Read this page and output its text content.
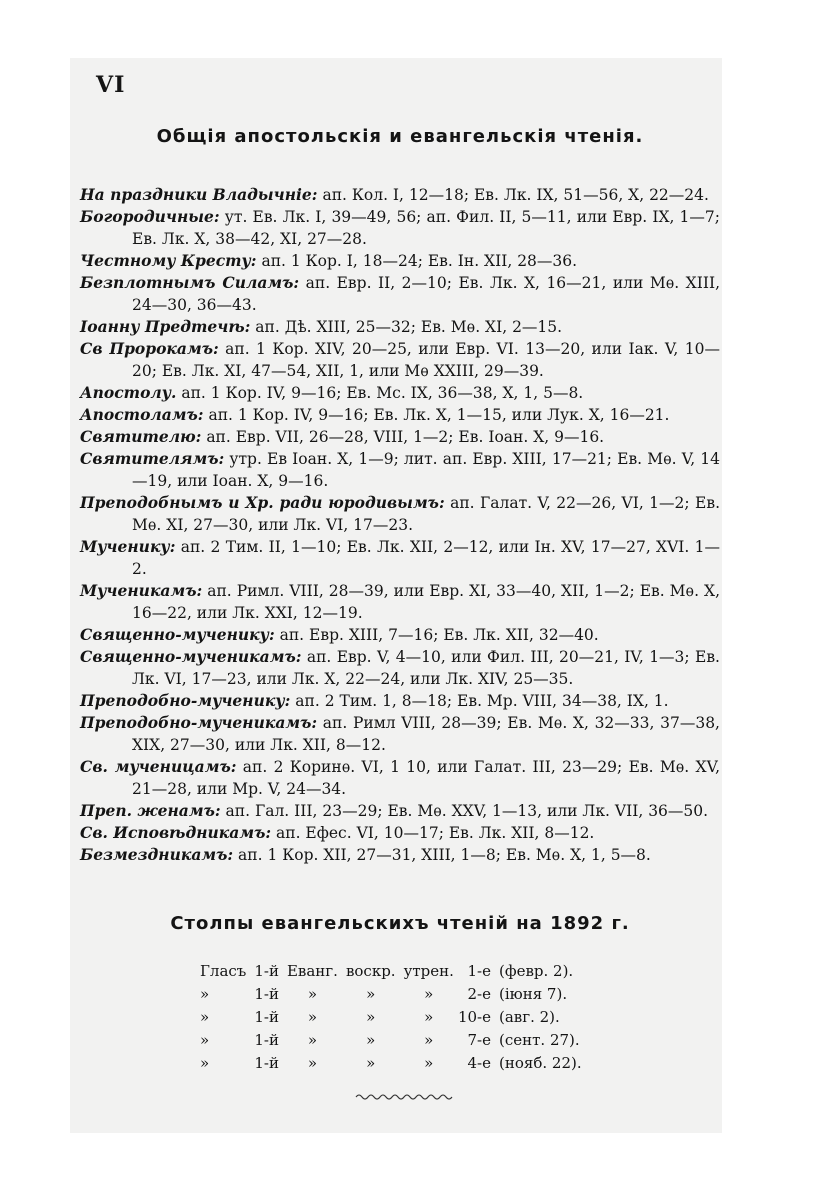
VI
Общія апостольскія и евангельскія чтенія.

На праздники Владычніе: ап. Кол. I, 12—18; Ев. Лк. IX, 51—56, X, 22—24.

Богородичные: ут. Ев. Лк. I, 39—49, 56; ап. Фил. II, 5—11, или Евр. IX, 1—7; Ев. Лк. X, 38—42, XI, 27—28.

Честному Кресту: ап. 1 Кор. I, 18—24; Ев. Ін. XII, 28—36.

Безплотнымъ Силамъ: ап. Евр. II, 2—10; Ев. Лк. X, 16—21, или Мѳ. XIII, 24—30, 36—43.

Іоанну Предтечѣ: ап. Дѣ. XIII, 25—32; Ев. Мѳ. XI, 2—15.

Св Пророкамъ: ап. 1 Кор. XIV, 20—25, или Евр. VI. 13—20, или Іак. V, 10—20; Ев. Лк. XI, 47—54, XII, 1, или Мѳ XXIII, 29—39.

Апостолу. ап. 1 Кор. IV, 9—16; Ев. Мс. IX, 36—38, X, 1, 5—8.

Апостоламъ: ап. 1 Кор. IV, 9—16; Ев. Лк. X, 1—15, или Лук. X, 16—21.

Святителю: ап. Евр. VII, 26—28, VIII, 1—2; Ев. Іоан. X, 9—16.

Святителямъ: утр. Ев Іоан. X, 1—9; лит. ап. Евр. XIII, 17—21; Ев. Мѳ. V, 14—19, или Іоан. X, 9—16.

Преподобнымъ и Хр. ради юродивымъ: ап. Галат. V, 22—26, VI, 1—2; Ев. Мѳ. XI, 27—30, или Лк. VI, 17—23.

Мученику: ап. 2 Тим. II, 1—10; Ев. Лк. XII, 2—12, или Ін. XV, 17—27, XVI. 1—2.

Мученикамъ: ап. Римл. VIII, 28—39, или Евр. XI, 33—40, XII, 1—2; Ев. Мѳ. X, 16—22, или Лк. XXI, 12—19.

Священно-мученику: ап. Евр. XIII, 7—16; Ев. Лк. XII, 32—40.

Священно-мученикамъ: ап. Евр. V, 4—10, или Фил. III, 20—21, IV, 1—3; Ев. Лк. VI, 17—23, или Лк. X, 22—24, или Лк. XIV, 25—35.

Преподобно-мученику: ап. 2 Тим. 1, 8—18; Ев. Мр. VIII, 34—38, IX, 1.

Преподобно-мученикамъ: ап. Римл VIII, 28—39; Ев. Мѳ. X, 32—33, 37—38, XIX, 27—30, или Лк. XII, 8—12.

Св. мученицамъ: ап. 2 Коринѳ. VI, 1 10, или Галат. III, 23—29; Ев. Мѳ. XV, 21—28, или Мр. V, 24—34.

Преп. женамъ: ап. Гал. III, 23—29; Ев. Мѳ. XXV, 1—13, или Лк. VII, 36—50.

Св. Исповѣдникамъ: ап. Ефес. VI, 10—17; Ев. Лк. XII, 8—12.

Безмездникамъ: ап. 1 Кор. XII, 27—31, XIII, 1—8; Ев. Мѳ. X, 1, 5—8.

Столпы евангельскихъ чтеній на 1892 г.
Гласъ	1-й	Еванг.	воскр.	утрен.	1-е	(февр. 2).
»	1-й	»	»	»	2-е	(іюня 7).
»	1-й	»	»	»	10-е	(авг. 2).
»	1-й	»	»	»	7-е	(сент. 27).
»	1-й	»	»	»	4-е	(нояб. 22).
